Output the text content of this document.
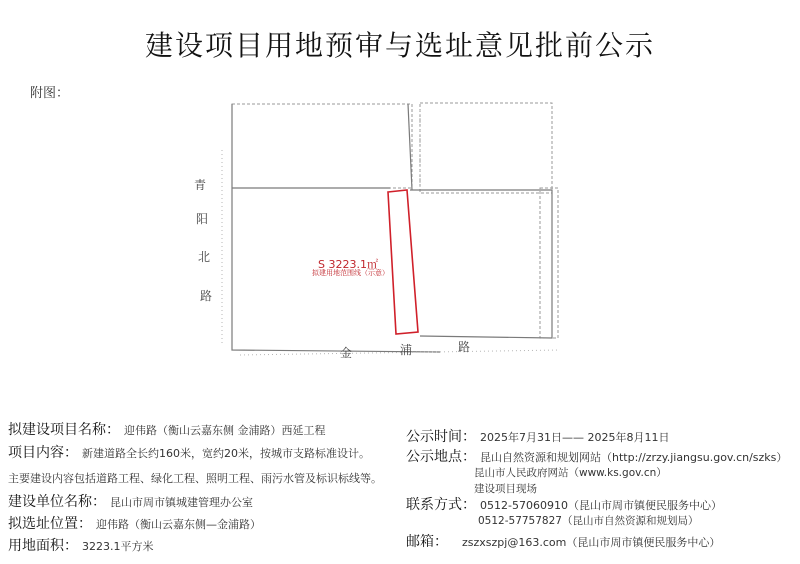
建设项目用地预审与选址意见批前公示
附图：
青
阳
北
路
金	浦	路
S 3223.1㎡
拟建用地范围线（示意）
拟建设项目名称： 迎伟路（衡山云嘉东侧 金浦路）西延工程
项目内容： 新建道路全长约160米，宽约20米，按城市支路标准设计。
主要建设内容包括道路工程、绿化工程、照明工程、雨污水管及标识标线等。
建设单位名称： 昆山市周市镇城建管理办公室
拟选址位置： 迎伟路（衡山云嘉东侧—金浦路）
用地面积： 3223.1平方米
公示时间： 2025年7月31日—— 2025年8月11日
公示地点： 昆山自然资源和规划网站（http://zrzy.jiangsu.gov.cn/szks）
昆山市人民政府网站（www.ks.gov.cn）
建设项目现场
联系方式： 0512-57060910（昆山市周市镇便民服务中心）
0512-57757827（昆山市自然资源和规划局）
邮箱： zszxszpj@163.com（昆山市周市镇便民服务中心）
